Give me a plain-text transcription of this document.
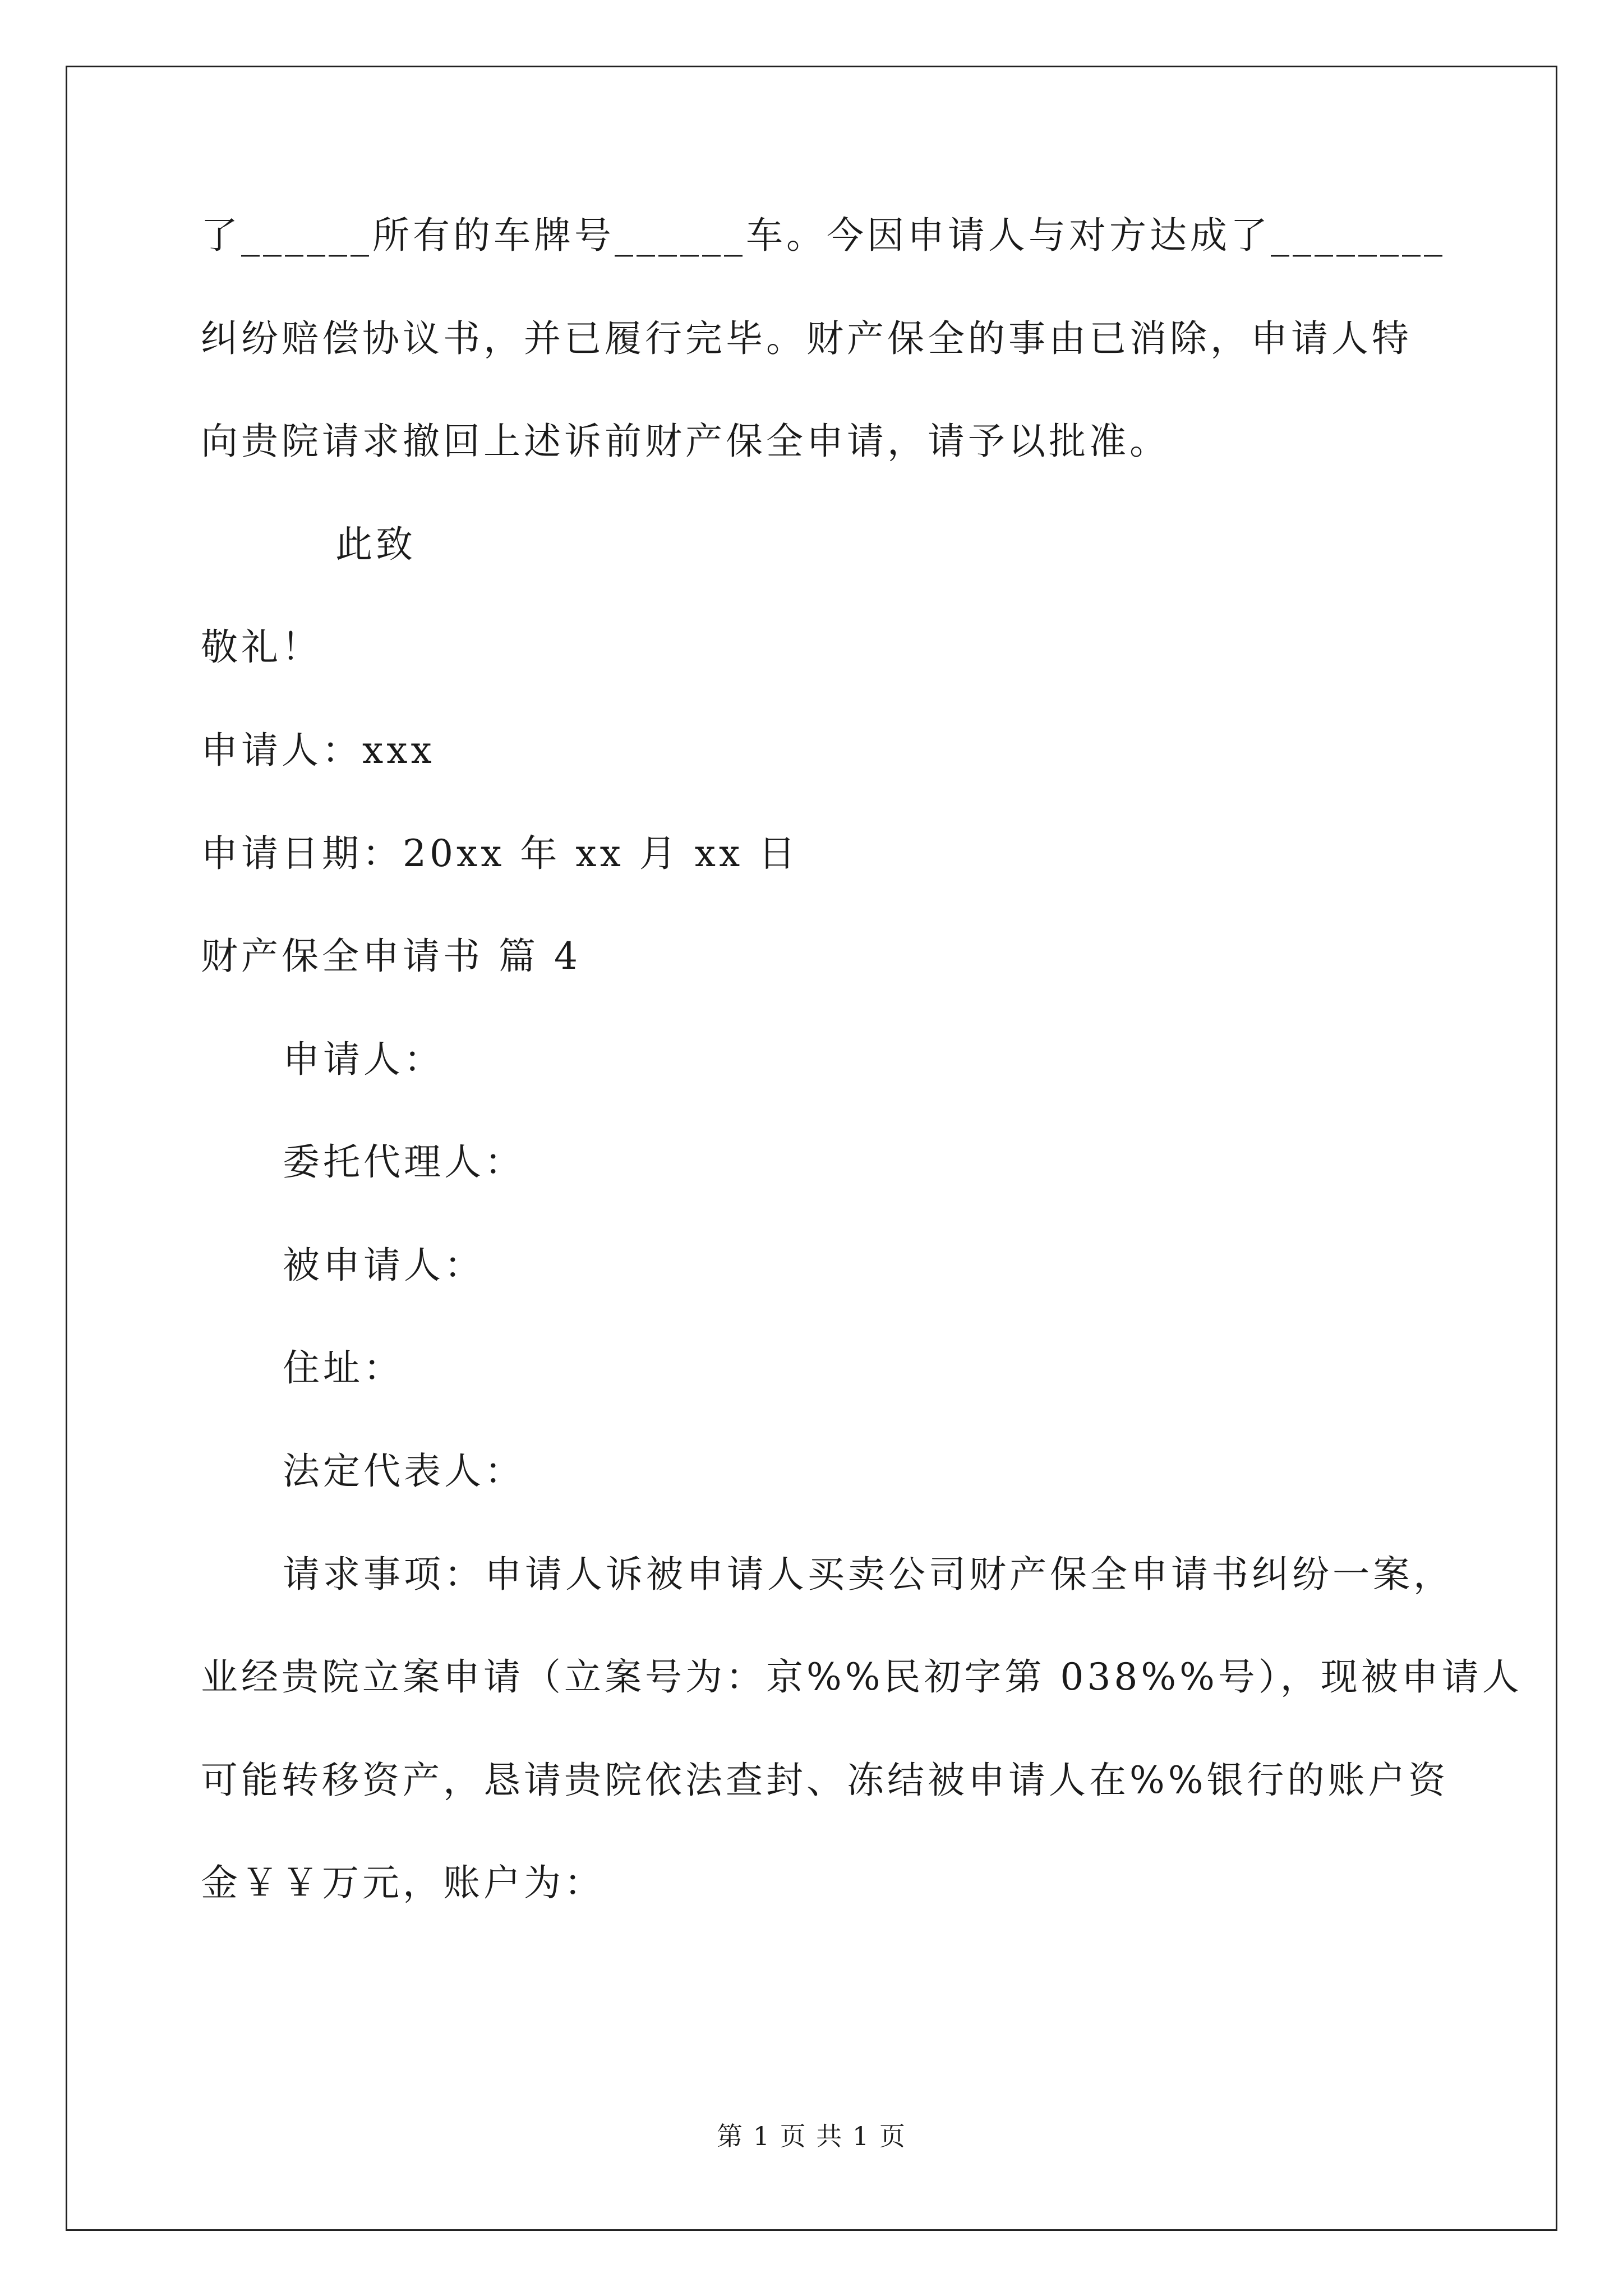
了______所有的车牌号______车。今因申请人与对方达成了________
纠纷赔偿协议书，并已履行完毕。财产保全的事由已消除，申请人特
向贵院请求撤回上述诉前财产保全申请，请予以批准。
此致
敬礼！
申请人：xxx
申请日期：20xx 年 xx 月 xx 日
财产保全申请书 篇 4
申请人：
委托代理人：
被申请人：
住址：
法定代表人：
请求事项：申请人诉被申请人买卖公司财产保全申请书纠纷一案，
业经贵院立案申请（立案号为：京%%民初字第 038%%号），现被申请人
可能转移资产，恳请贵院依法查封、冻结被申请人在%%银行的账户资
金￥￥万元，账户为：
第 1 页 共 1 页
